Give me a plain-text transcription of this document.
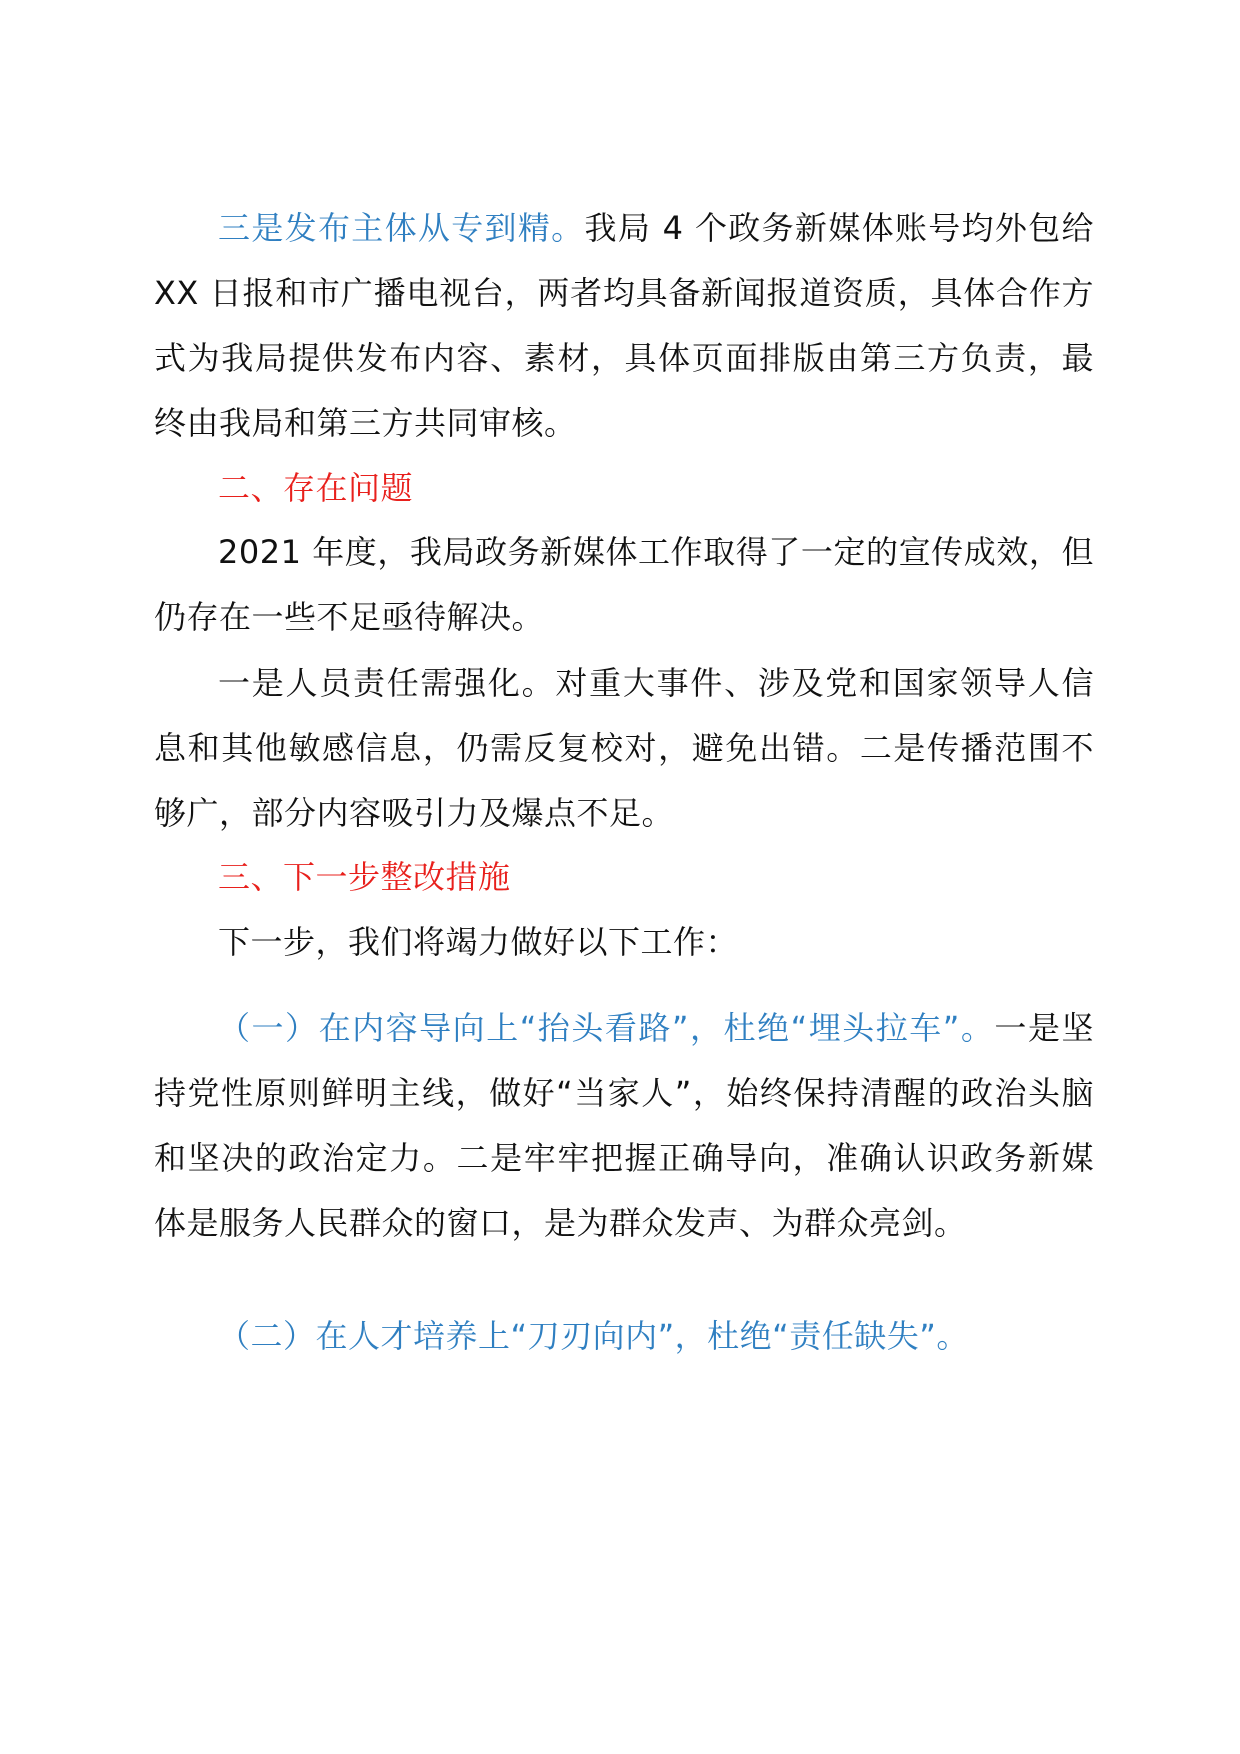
三是发布主体从专到精。我局 4 个政务新媒体账号均外包给 XX 日报和市广播电视台，两者均具备新闻报道资质，具体合作方式为我局提供发布内容、素材，具体页面排版由第三方负责，最终由我局和第三方共同审核。

二、存在问题

2021 年度，我局政务新媒体工作取得了一定的宣传成效，但仍存在一些不足亟待解决。

一是人员责任需强化。对重大事件、涉及党和国家领导人信息和其他敏感信息，仍需反复校对，避免出错。二是传播范围不够广，部分内容吸引力及爆点不足。

三、下一步整改措施

下一步，我们将竭力做好以下工作：

（一）在内容导向上“抬头看路”，杜绝“埋头拉车”。一是坚持党性原则鲜明主线，做好“当家人”，始终保持清醒的政治头脑和坚决的政治定力。二是牢牢把握正确导向，准确认识政务新媒体是服务人民群众的窗口，是为群众发声、为群众亮剑。

（二）在人才培养上“刀刃向内”，杜绝“责任缺失”。
